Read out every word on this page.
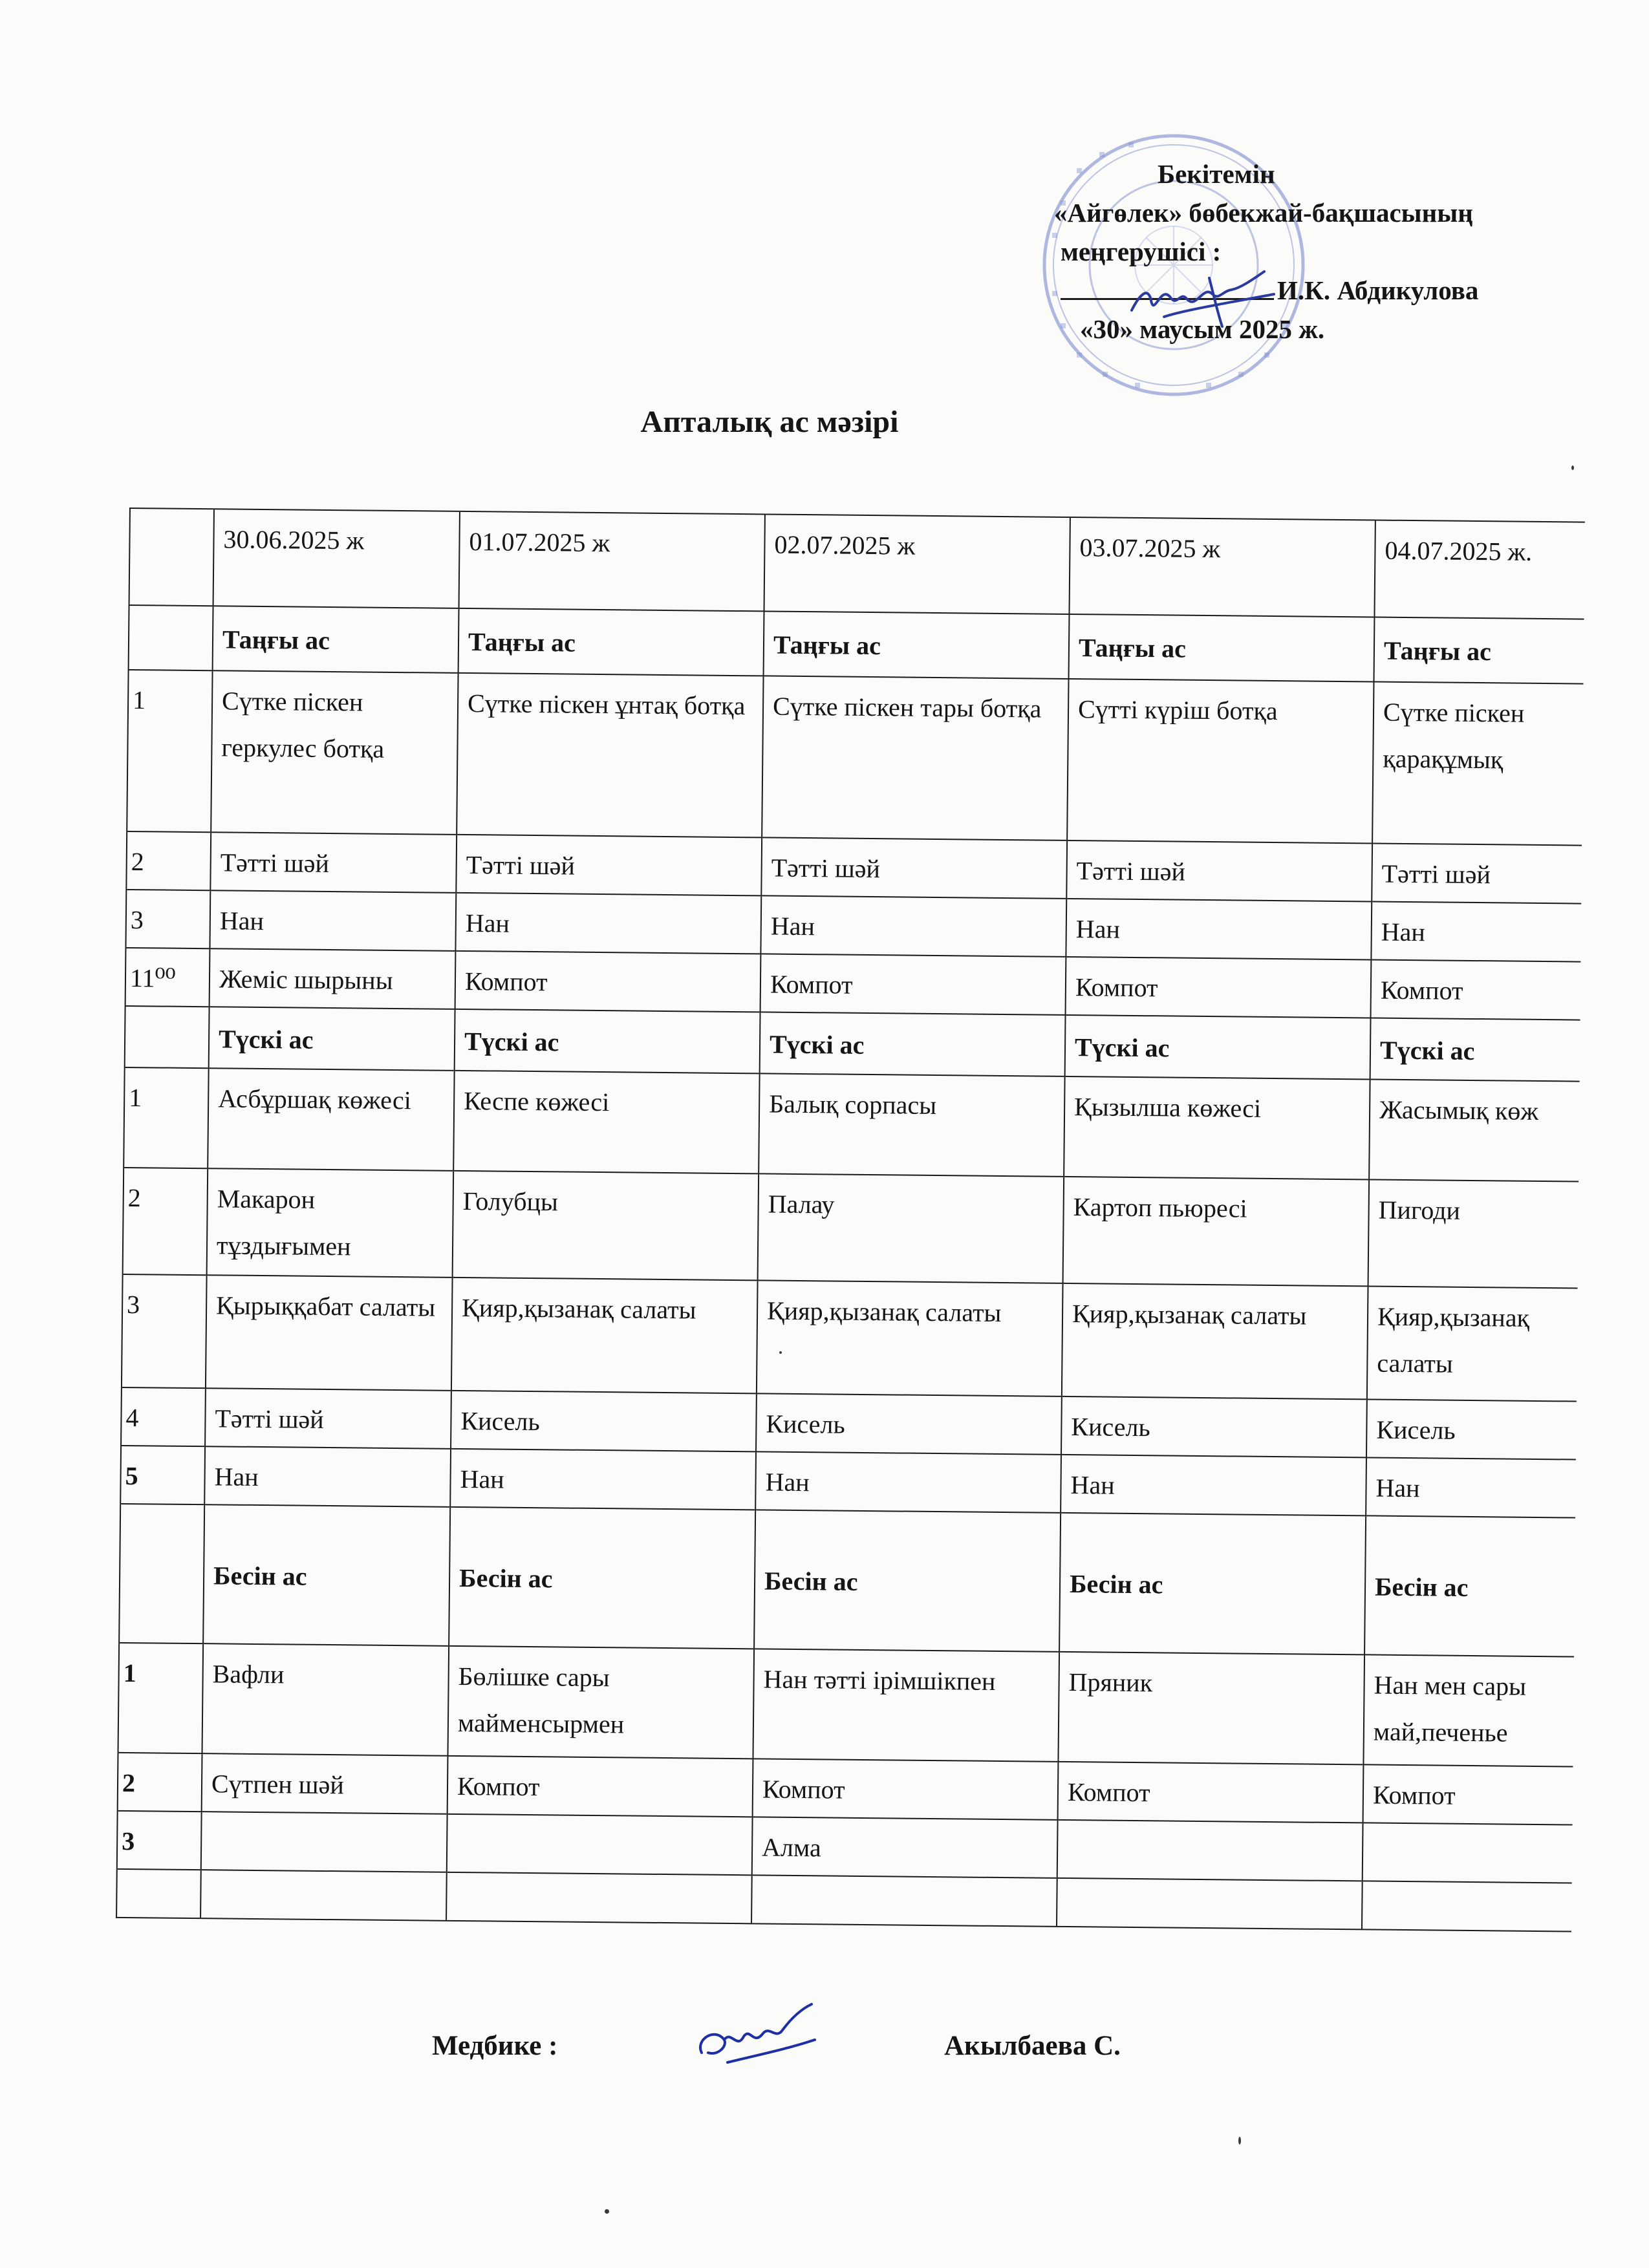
Бекітемін
«Айгөлек» бөбекжай-бақшасының
меңгерушісі :
И.К. Абдикулова
«30» маусым 2025 ж.
Апталық ас мәзірі
	30.06.2025 ж	01.07.2025 ж	02.07.2025 ж	03.07.2025 ж	04.07.2025 ж.
	Таңғы ас	Таңғы ас	Таңғы ас	Таңғы ас	Таңғы ас
1	Сүтке піскен геркулес ботқа	Сүтке піскен ұнтақ ботқа	Сүтке піскен тары ботқа	Сүтті күріш ботқа	Сүтке піскен қарақұмық
2	Тәтті шәй	Тәтті шәй	Тәтті шәй	Тәтті шәй	Тәтті шәй
3	Нан	Нан	Нан	Нан	Нан
11⁰⁰	Жеміс шырыны	Компот	Компот	Компот	Компот
	Түскі ас	Түскі ас	Түскі ас	Түскі ас	Түскі ас
1	Асбұршақ көжесі	Кеспе көжесі	Балық сорпасы	Қызылша көжесі	Жасымық көж
2	Макарон тұздығымен	Голубцы	Палау	Картоп пьюресі	Пигоди
3	Қырыққабат салаты	Қияр,қызанақ салаты	Қияр,қызанақ салаты	Қияр,қызанақ салаты	Қияр,қызанақ салаты
4	Тәтті шәй	Кисель	Кисель	Кисель	Кисель
5	Нан	Нан	Нан	Нан	Нан
	Бесін ас	Бесін ас	Бесін ас	Бесін ас	Бесін ас
1	Вафли	Бөлішке сары майменсырмен	Нан тәтті ірімшікпен	Пряник	Нан мен сары май,печенье
2	Сүтпен шәй	Компот	Компот	Компот	Компот
3			Алма		

Медбике :	Акылбаева С.
